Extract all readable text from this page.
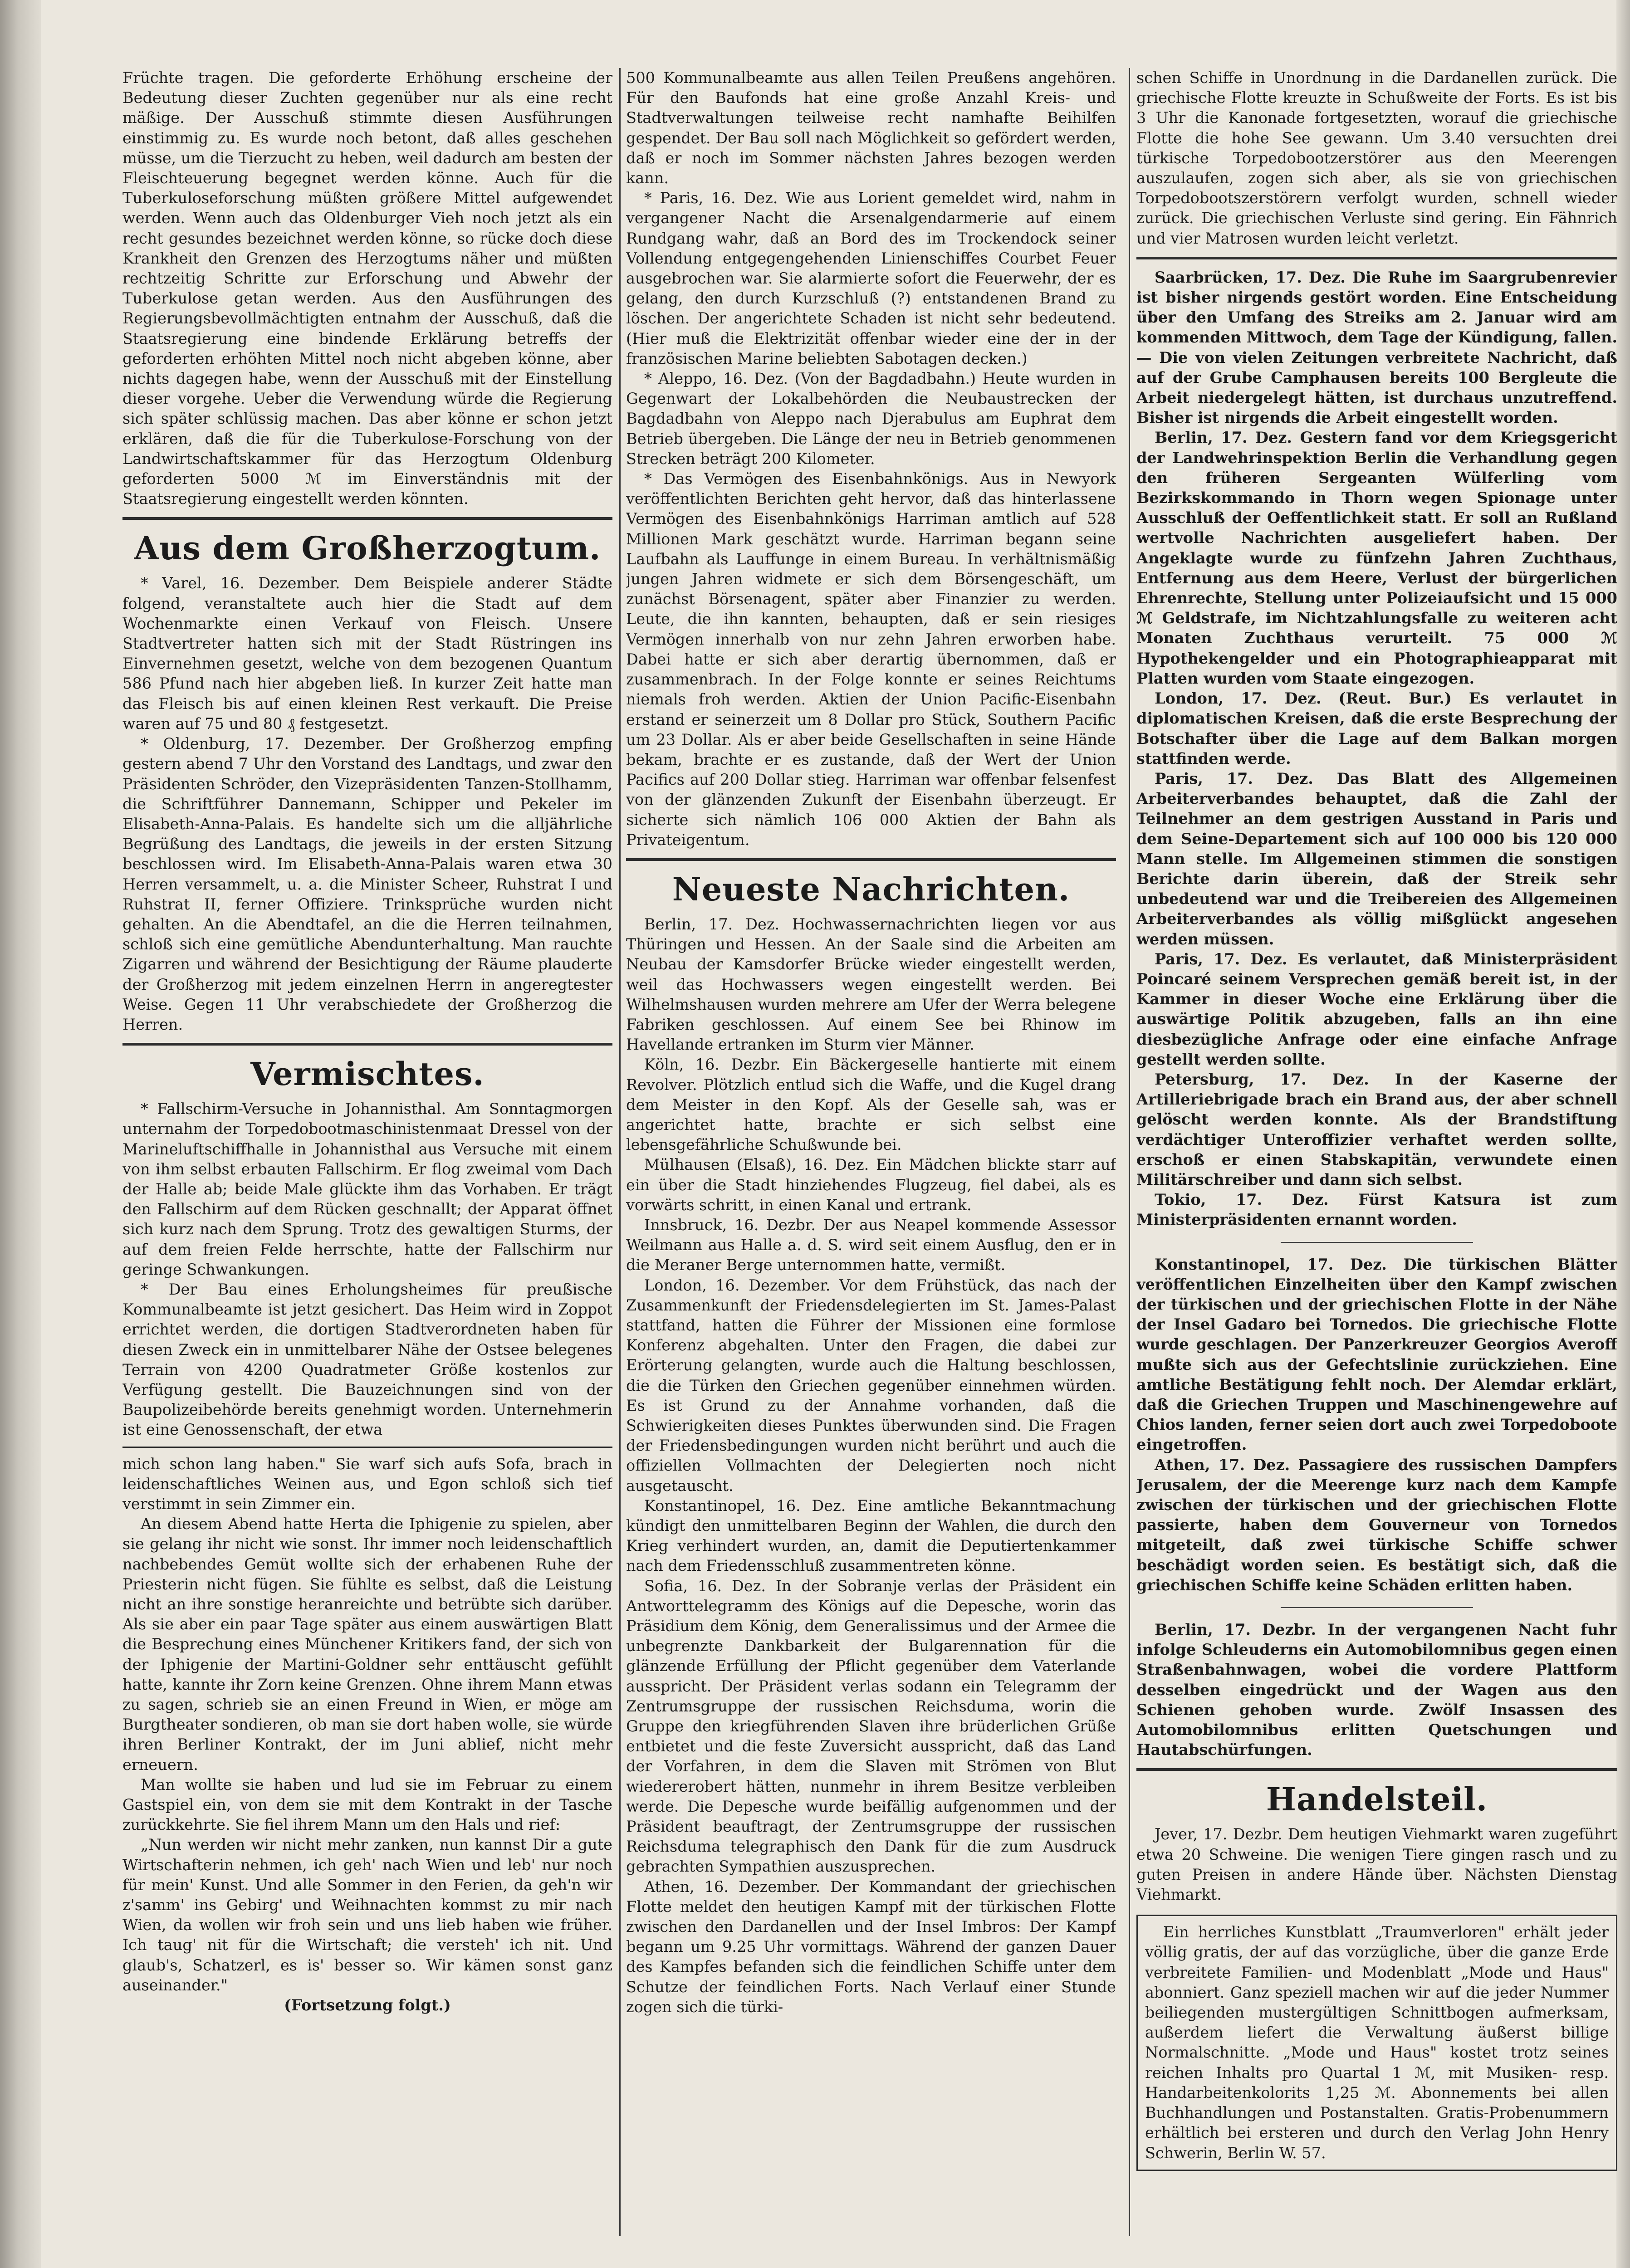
Früchte tragen. Die geforderte Erhöhung erscheine der Bedeutung dieser Zuchten gegenüber nur als eine recht mäßige. Der Ausschuß stimmte diesen Ausführungen einstimmig zu. Es wurde noch betont, daß alles geschehen müsse, um die Tierzucht zu heben, weil dadurch am besten der Fleischteuerung begegnet werden könne. Auch für die Tuberkuloseforschung müßten größere Mittel aufgewendet werden. Wenn auch das Oldenburger Vieh noch jetzt als ein recht gesundes bezeichnet werden könne, so rücke doch diese Krankheit den Grenzen des Herzogtums näher und müßten rechtzeitig Schritte zur Erforschung und Abwehr der Tuberkulose getan werden. Aus den Ausführungen des Regierungsbevollmächtigten entnahm der Ausschuß, daß die Staatsregierung eine bindende Erklärung betreffs der geforderten erhöhten Mittel noch nicht abgeben könne, aber nichts dagegen habe, wenn der Ausschuß mit der Einstellung dieser vorgehe. Ueber die Verwendung würde die Regierung sich später schlüssig machen. Das aber könne er schon jetzt erklären, daß die für die Tuberkulose-Forschung von der Landwirtschaftskammer für das Herzogtum Oldenburg geforderten 5000 ℳ im Einverständnis mit der Staatsregierung eingestellt werden könnten.

Aus dem Großherzogtum.

* Varel, 16. Dezember. Dem Beispiele anderer Städte folgend, veranstaltete auch hier die Stadt auf dem Wochenmarkte einen Verkauf von Fleisch. Unsere Stadtvertreter hatten sich mit der Stadt Rüstringen ins Einvernehmen gesetzt, welche von dem bezogenen Quantum 586 Pfund nach hier abgeben ließ. In kurzer Zeit hatte man das Fleisch bis auf einen kleinen Rest verkauft. Die Preise waren auf 75 und 80 ₰ festgesetzt.

* Oldenburg, 17. Dezember. Der Großherzog empfing gestern abend 7 Uhr den Vorstand des Landtags, und zwar den Präsidenten Schröder, den Vizepräsidenten Tanzen-Stollhamm, die Schriftführer Dannemann, Schipper und Pekeler im Elisabeth-Anna-Palais. Es handelte sich um die alljährliche Begrüßung des Landtags, die jeweils in der ersten Sitzung beschlossen wird. Im Elisabeth-Anna-Palais waren etwa 30 Herren versammelt, u. a. die Minister Scheer, Ruhstrat I und Ruhstrat II, ferner Offiziere. Trinksprüche wurden nicht gehalten. An die Abendtafel, an die die Herren teilnahmen, schloß sich eine gemütliche Abendunterhaltung. Man rauchte Zigarren und während der Besichtigung der Räume plauderte der Großherzog mit jedem einzelnen Herrn in angeregtester Weise. Gegen 11 Uhr verabschiedete der Großherzog die Herren.

Vermischtes.

* Fallschirm-Versuche in Johannisthal. Am Sonntagmorgen unternahm der Torpedobootmaschinistenmaat Dressel von der Marineluftschiffhalle in Johannisthal aus Versuche mit einem von ihm selbst erbauten Fallschirm. Er flog zweimal vom Dach der Halle ab; beide Male glückte ihm das Vorhaben. Er trägt den Fallschirm auf dem Rücken geschnallt; der Apparat öffnet sich kurz nach dem Sprung. Trotz des gewaltigen Sturms, der auf dem freien Felde herrschte, hatte der Fallschirm nur geringe Schwankungen.

* Der Bau eines Erholungsheimes für preußische Kommunalbeamte ist jetzt gesichert. Das Heim wird in Zoppot errichtet werden, die dortigen Stadtverordneten haben für diesen Zweck ein in unmittelbarer Nähe der Ostsee belegenes Terrain von 4200 Quadratmeter Größe kostenlos zur Verfügung gestellt. Die Bauzeichnungen sind von der Baupolizeibehörde bereits genehmigt worden. Unternehmerin ist eine Genossenschaft, der etwa

mich schon lang haben." Sie warf sich aufs Sofa, brach in leidenschaftliches Weinen aus, und Egon schloß sich tief verstimmt in sein Zimmer ein.

An diesem Abend hatte Herta die Iphigenie zu spielen, aber sie gelang ihr nicht wie sonst. Ihr immer noch leidenschaftlich nachbebendes Gemüt wollte sich der erhabenen Ruhe der Priesterin nicht fügen. Sie fühlte es selbst, daß die Leistung nicht an ihre sonstige heranreichte und betrübte sich darüber. Als sie aber ein paar Tage später aus einem auswärtigen Blatt die Besprechung eines Münchener Kritikers fand, der sich von der Iphigenie der Martini-Goldner sehr enttäuscht gefühlt hatte, kannte ihr Zorn keine Grenzen. Ohne ihrem Mann etwas zu sagen, schrieb sie an einen Freund in Wien, er möge am Burgtheater sondieren, ob man sie dort haben wolle, sie würde ihren Berliner Kontrakt, der im Juni ablief, nicht mehr erneuern.

Man wollte sie haben und lud sie im Februar zu einem Gastspiel ein, von dem sie mit dem Kontrakt in der Tasche zurückkehrte. Sie fiel ihrem Mann um den Hals und rief:

„Nun werden wir nicht mehr zanken, nun kannst Dir a gute Wirtschafterin nehmen, ich geh' nach Wien und leb' nur noch für mein' Kunst. Und alle Sommer in den Ferien, da geh'n wir z'samm' ins Gebirg' und Weihnachten kommst zu mir nach Wien, da wollen wir froh sein und uns lieb haben wie früher. Ich taug' nit für die Wirtschaft; die versteh' ich nit. Und glaub's, Schatzerl, es is' besser so. Wir kämen sonst ganz auseinander."

(Fortsetzung folgt.)

500 Kommunalbeamte aus allen Teilen Preußens angehören. Für den Baufonds hat eine große Anzahl Kreis- und Stadtverwaltungen teilweise recht namhafte Beihilfen gespendet. Der Bau soll nach Möglichkeit so gefördert werden, daß er noch im Sommer nächsten Jahres bezogen werden kann.

* Paris, 16. Dez. Wie aus Lorient gemeldet wird, nahm in vergangener Nacht die Arsenalgendarmerie auf einem Rundgang wahr, daß an Bord des im Trockendock seiner Vollendung entgegengehenden Linienschiffes Courbet Feuer ausgebrochen war. Sie alarmierte sofort die Feuerwehr, der es gelang, den durch Kurzschluß (?) entstandenen Brand zu löschen. Der angerichtete Schaden ist nicht sehr bedeutend. (Hier muß die Elektrizität offenbar wieder eine der in der französischen Marine beliebten Sabotagen decken.)

* Aleppo, 16. Dez. (Von der Bagdadbahn.) Heute wurden in Gegenwart der Lokalbehörden die Neubaustrecken der Bagdadbahn von Aleppo nach Djerabulus am Euphrat dem Betrieb übergeben. Die Länge der neu in Betrieb genommenen Strecken beträgt 200 Kilometer.

* Das Vermögen des Eisenbahnkönigs. Aus in Newyork veröffentlichten Berichten geht hervor, daß das hinterlassene Vermögen des Eisenbahnkönigs Harriman amtlich auf 528 Millionen Mark geschätzt wurde. Harriman begann seine Laufbahn als Lauffunge in einem Bureau. In verhältnismäßig jungen Jahren widmete er sich dem Börsengeschäft, um zunächst Börsenagent, später aber Finanzier zu werden. Leute, die ihn kannten, behaupten, daß er sein riesiges Vermögen innerhalb von nur zehn Jahren erworben habe. Dabei hatte er sich aber derartig übernommen, daß er zusammenbrach. In der Folge konnte er seines Reichtums niemals froh werden. Aktien der Union Pacific-Eisenbahn erstand er seinerzeit um 8 Dollar pro Stück, Southern Pacific um 23 Dollar. Als er aber beide Gesellschaften in seine Hände bekam, brachte er es zustande, daß der Wert der Union Pacifics auf 200 Dollar stieg. Harriman war offenbar felsenfest von der glänzenden Zukunft der Eisenbahn überzeugt. Er sicherte sich nämlich 106 000 Aktien der Bahn als Privateigentum.

Neueste Nachrichten.

Berlin, 17. Dez. Hochwassernachrichten liegen vor aus Thüringen und Hessen. An der Saale sind die Arbeiten am Neubau der Kamsdorfer Brücke wieder eingestellt werden, weil das Hochwassers wegen eingestellt werden. Bei Wilhelmshausen wurden mehrere am Ufer der Werra belegene Fabriken geschlossen. Auf einem See bei Rhinow im Havellande ertranken im Sturm vier Männer.

Köln, 16. Dezbr. Ein Bäckergeselle hantierte mit einem Revolver. Plötzlich entlud sich die Waffe, und die Kugel drang dem Meister in den Kopf. Als der Geselle sah, was er angerichtet hatte, brachte er sich selbst eine lebensgefährliche Schußwunde bei.

Mülhausen (Elsaß), 16. Dez. Ein Mädchen blickte starr auf ein über die Stadt hinziehendes Flugzeug, fiel dabei, als es vorwärts schritt, in einen Kanal und ertrank.

Innsbruck, 16. Dezbr. Der aus Neapel kommende Assessor Weilmann aus Halle a. d. S. wird seit einem Ausflug, den er in die Meraner Berge unternommen hatte, vermißt.

London, 16. Dezember. Vor dem Frühstück, das nach der Zusammenkunft der Friedensdelegierten im St. James-Palast stattfand, hatten die Führer der Missionen eine formlose Konferenz abgehalten. Unter den Fragen, die dabei zur Erörterung gelangten, wurde auch die Haltung beschlossen, die die Türken den Griechen gegenüber einnehmen würden. Es ist Grund zu der Annahme vorhanden, daß die Schwierigkeiten dieses Punktes überwunden sind. Die Fragen der Friedensbedingungen wurden nicht berührt und auch die offiziellen Vollmachten der Delegierten noch nicht ausgetauscht.

Konstantinopel, 16. Dez. Eine amtliche Bekanntmachung kündigt den unmittelbaren Beginn der Wahlen, die durch den Krieg verhindert wurden, an, damit die Deputiertenkammer nach dem Friedensschluß zusammentreten könne.

Sofia, 16. Dez. In der Sobranje verlas der Präsident ein Antworttelegramm des Königs auf die Depesche, worin das Präsidium dem König, dem Generalissimus und der Armee die unbegrenzte Dankbarkeit der Bulgarennation für die glänzende Erfüllung der Pflicht gegenüber dem Vaterlande ausspricht. Der Präsident verlas sodann ein Telegramm der Zentrumsgruppe der russischen Reichsduma, worin die Gruppe den kriegführenden Slaven ihre brüderlichen Grüße entbietet und die feste Zuversicht ausspricht, daß das Land der Vorfahren, in dem die Slaven mit Strömen von Blut wiedererobert hätten, nunmehr in ihrem Besitze verbleiben werde. Die Depesche wurde beifällig aufgenommen und der Präsident beauftragt, der Zentrumsgruppe der russischen Reichsduma telegraphisch den Dank für die zum Ausdruck gebrachten Sympathien auszusprechen.

Athen, 16. Dezember. Der Kommandant der griechischen Flotte meldet den heutigen Kampf mit der türkischen Flotte zwischen den Dardanellen und der Insel Imbros: Der Kampf begann um 9.25 Uhr vormittags. Während der ganzen Dauer des Kampfes befanden sich die feindlichen Schiffe unter dem Schutze der feindlichen Forts. Nach Verlauf einer Stunde zogen sich die türki-

schen Schiffe in Unordnung in die Dardanellen zurück. Die griechische Flotte kreuzte in Schußweite der Forts. Es ist bis 3 Uhr die Kanonade fortgesetzten, worauf die griechische Flotte die hohe See gewann. Um 3.40 versuchten drei türkische Torpedobootzerstörer aus den Meerengen auszulaufen, zogen sich aber, als sie von griechischen Torpedobootszerstörern verfolgt wurden, schnell wieder zurück. Die griechischen Verluste sind gering. Ein Fähnrich und vier Matrosen wurden leicht verletzt.

Saarbrücken, 17. Dez. Die Ruhe im Saargrubenrevier ist bisher nirgends gestört worden. Eine Entscheidung über den Umfang des Streiks am 2. Januar wird am kommenden Mittwoch, dem Tage der Kündigung, fallen. — Die von vielen Zeitungen verbreitete Nachricht, daß auf der Grube Camphausen bereits 100 Bergleute die Arbeit niedergelegt hätten, ist durchaus unzutreffend. Bisher ist nirgends die Arbeit eingestellt worden.

Berlin, 17. Dez. Gestern fand vor dem Kriegsgericht der Landwehrinspektion Berlin die Verhandlung gegen den früheren Sergeanten Wülferling vom Bezirkskommando in Thorn wegen Spionage unter Ausschluß der Oeffentlichkeit statt. Er soll an Rußland wertvolle Nachrichten ausgeliefert haben. Der Angeklagte wurde zu fünfzehn Jahren Zuchthaus, Entfernung aus dem Heere, Verlust der bürgerlichen Ehrenrechte, Stellung unter Polizeiaufsicht und 15 000 ℳ Geldstrafe, im Nichtzahlungsfalle zu weiteren acht Monaten Zuchthaus verurteilt. 75 000 ℳ Hypothekengelder und ein Photographieapparat mit Platten wurden vom Staate eingezogen.

London, 17. Dez. (Reut. Bur.) Es verlautet in diplomatischen Kreisen, daß die erste Besprechung der Botschafter über die Lage auf dem Balkan morgen stattfinden werde.

Paris, 17. Dez. Das Blatt des Allgemeinen Arbeiterverbandes behauptet, daß die Zahl der Teilnehmer an dem gestrigen Ausstand in Paris und dem Seine-Departement sich auf 100 000 bis 120 000 Mann stelle. Im Allgemeinen stimmen die sonstigen Berichte darin überein, daß der Streik sehr unbedeutend war und die Treibereien des Allgemeinen Arbeiterverbandes als völlig mißglückt angesehen werden müssen.

Paris, 17. Dez. Es verlautet, daß Ministerpräsident Poincaré seinem Versprechen gemäß bereit ist, in der Kammer in dieser Woche eine Erklärung über die auswärtige Politik abzugeben, falls an ihn eine diesbezügliche Anfrage oder eine einfache Anfrage gestellt werden sollte.

Petersburg, 17. Dez. In der Kaserne der Artilleriebrigade brach ein Brand aus, der aber schnell gelöscht werden konnte. Als der Brandstiftung verdächtiger Unteroffizier verhaftet werden sollte, erschoß er einen Stabskapitän, verwundete einen Militärschreiber und dann sich selbst.

Tokio, 17. Dez. Fürst Katsura ist zum Ministerpräsidenten ernannt worden.

Konstantinopel, 17. Dez. Die türkischen Blätter veröffentlichen Einzelheiten über den Kampf zwischen der türkischen und der griechischen Flotte in der Nähe der Insel Gadaro bei Tornedos. Die griechische Flotte wurde geschlagen. Der Panzerkreuzer Georgios Averoff mußte sich aus der Gefechtslinie zurückziehen. Eine amtliche Bestätigung fehlt noch. Der Alemdar erklärt, daß die Griechen Truppen und Maschinengewehre auf Chios landen, ferner seien dort auch zwei Torpedoboote eingetroffen.

Athen, 17. Dez. Passagiere des russischen Dampfers Jerusalem, der die Meerenge kurz nach dem Kampfe zwischen der türkischen und der griechischen Flotte passierte, haben dem Gouverneur von Tornedos mitgeteilt, daß zwei türkische Schiffe schwer beschädigt worden seien. Es bestätigt sich, daß die griechischen Schiffe keine Schäden erlitten haben.

Berlin, 17. Dezbr. In der vergangenen Nacht fuhr infolge Schleuderns ein Automobilomnibus gegen einen Straßenbahnwagen, wobei die vordere Plattform desselben eingedrückt und der Wagen aus den Schienen gehoben wurde. Zwölf Insassen des Automobilomnibus erlitten Quetschungen und Hautabschürfungen.

Handelsteil.

Jever, 17. Dezbr. Dem heutigen Viehmarkt waren zugeführt etwa 20 Schweine. Die wenigen Tiere gingen rasch und zu guten Preisen in andere Hände über. Nächsten Dienstag Viehmarkt.

Ein herrliches Kunstblatt „Traumverloren" erhält jeder völlig gratis, der auf das vorzügliche, über die ganze Erde verbreitete Familien- und Modenblatt „Mode und Haus" abonniert. Ganz speziell machen wir auf die jeder Nummer beiliegenden mustergültigen Schnittbogen aufmerksam, außerdem liefert die Verwaltung äußerst billige Normalschnitte. „Mode und Haus" kostet trotz seines reichen Inhalts pro Quartal 1 ℳ, mit Musiken- resp. Handarbeitenkolorits 1,25 ℳ. Abonnements bei allen Buchhandlungen und Postanstalten. Gratis-Probenummern erhältlich bei ersteren und durch den Verlag John Henry Schwerin, Berlin W. 57.
